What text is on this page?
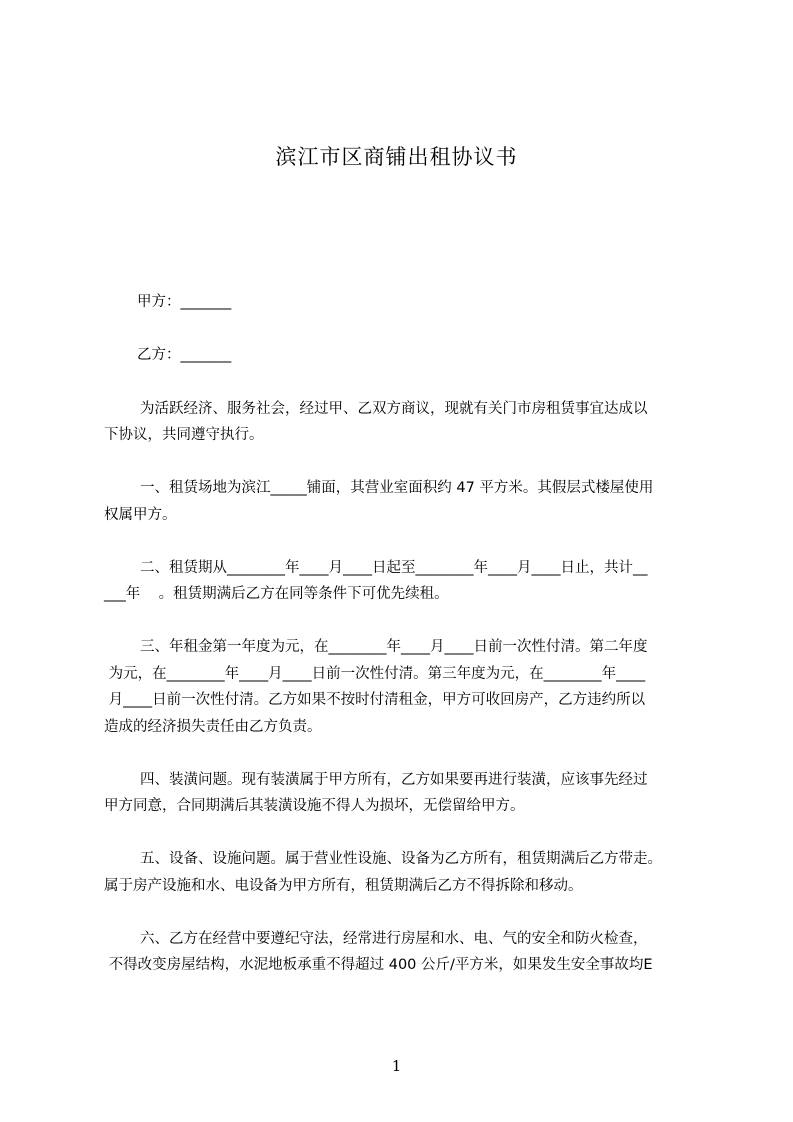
滨江市区商铺出租协议书
甲方：_______
乙方：_______
为活跃经济、服务社会，经过甲、乙双方商议，现就有关门市房租赁事宜达成以
下协议，共同遵守执行。
一、租赁场地为滨江_____铺面，其营业室面积约 47 平方米。其假层式楼屋使用
权属甲方。
二、租赁期从________年____月____日起至________年____月____日止，共计__
___年    。租赁期满后乙方在同等条件下可优先续租。
三、年租金第一年度为元，在________年____月____日前一次性付清。第二年度
为元，在________年____月____日前一次性付清。第三年度为元，在________年____
月____日前一次性付清。乙方如果不按时付清租金，甲方可收回房产，乙方违约所以
造成的经济损失责任由乙方负责。
四、装潢问题。现有装潢属于甲方所有，乙方如果要再进行装潢，应该事先经过
甲方同意，合同期满后其装潢设施不得人为损坏，无偿留给甲方。
五、设备、设施问题。属于营业性设施、设备为乙方所有，租赁期满后乙方带走。
属于房产设施和水、电设备为甲方所有，租赁期满后乙方不得拆除和移动。
六、乙方在经营中要遵纪守法，经常进行房屋和水、电、气的安全和防火检查，
不得改变房屋结构，水泥地板承重不得超过 400 公斤/平方米，如果发生安全事故均E
1
